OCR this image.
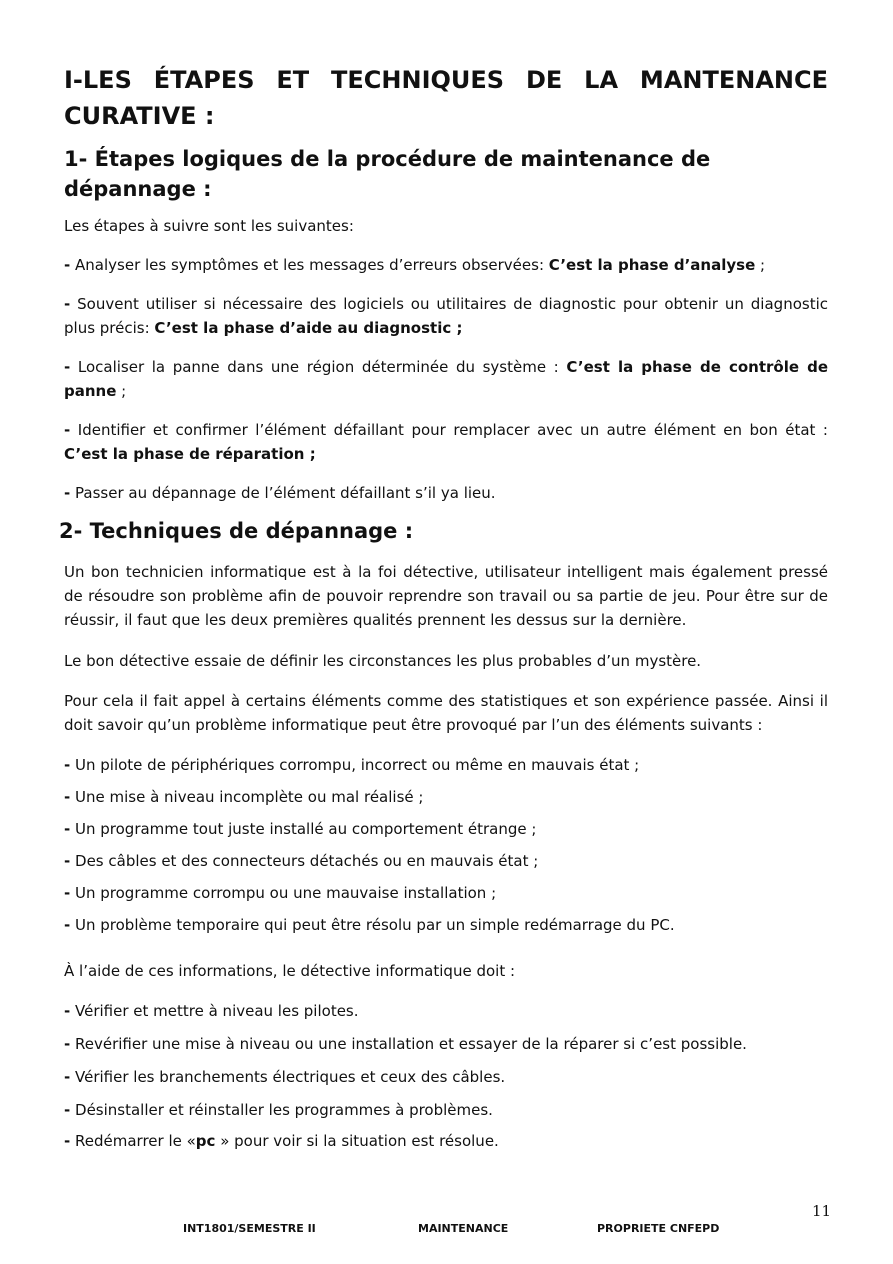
I-LES ÉTAPES ET TECHNIQUES DE LA MANTENANCE CURATIVE :
1- Étapes logiques de la procédure de maintenance de dépannage :

Les étapes à suivre sont les suivantes:

- Analyser les symptômes et les messages d’erreurs observées: C’est la phase d’analyse ;
- Souvent utiliser si nécessaire des logiciels ou utilitaires de diagnostic pour obtenir un diagnostic plus précis: C’est la phase d’aide au diagnostic ;
- Localiser la panne dans une région déterminée du système : C’est la phase de contrôle de panne ;
- Identifier et confirmer l’élément défaillant pour remplacer avec un autre élément en bon état : C’est la phase de réparation ;
- Passer au dépannage de l’élément défaillant s’il ya lieu.
2- Techniques de dépannage :

Un bon technicien informatique est à la foi détective, utilisateur intelligent mais également pressé de résoudre son problème afin de pouvoir reprendre son travail ou sa partie de jeu. Pour être sur de réussir, il faut que les deux premières qualités prennent les dessus sur la dernière.

Le bon détective essaie de définir les circonstances les plus probables d’un mystère.

Pour cela il fait appel à certains éléments comme des statistiques et son expérience passée. Ainsi il doit savoir qu’un problème informatique peut être provoqué par l’un des éléments suivants :

- Un pilote de périphériques corrompu, incorrect ou même en mauvais état ;
- Une mise à niveau incomplète ou mal réalisé ;
- Un programme tout juste installé au comportement étrange ;
- Des câbles et des connecteurs détachés ou en mauvais état ;
- Un programme corrompu ou une mauvaise installation ;
- Un problème temporaire qui peut être résolu par un simple redémarrage du PC.

À l’aide de ces informations, le détective informatique doit :

- Vérifier et mettre à niveau les pilotes.
- Revérifier une mise à niveau ou une installation et essayer de la réparer si c’est possible.
- Vérifier les branchements électriques et ceux des câbles.
- Désinstaller et réinstaller les programmes à problèmes.
- Redémarrer le «pc » pour voir si la situation est résolue.
11
INT1801/SEMESTRE II	MAINTENANCE	PROPRIETE CNFEPD
